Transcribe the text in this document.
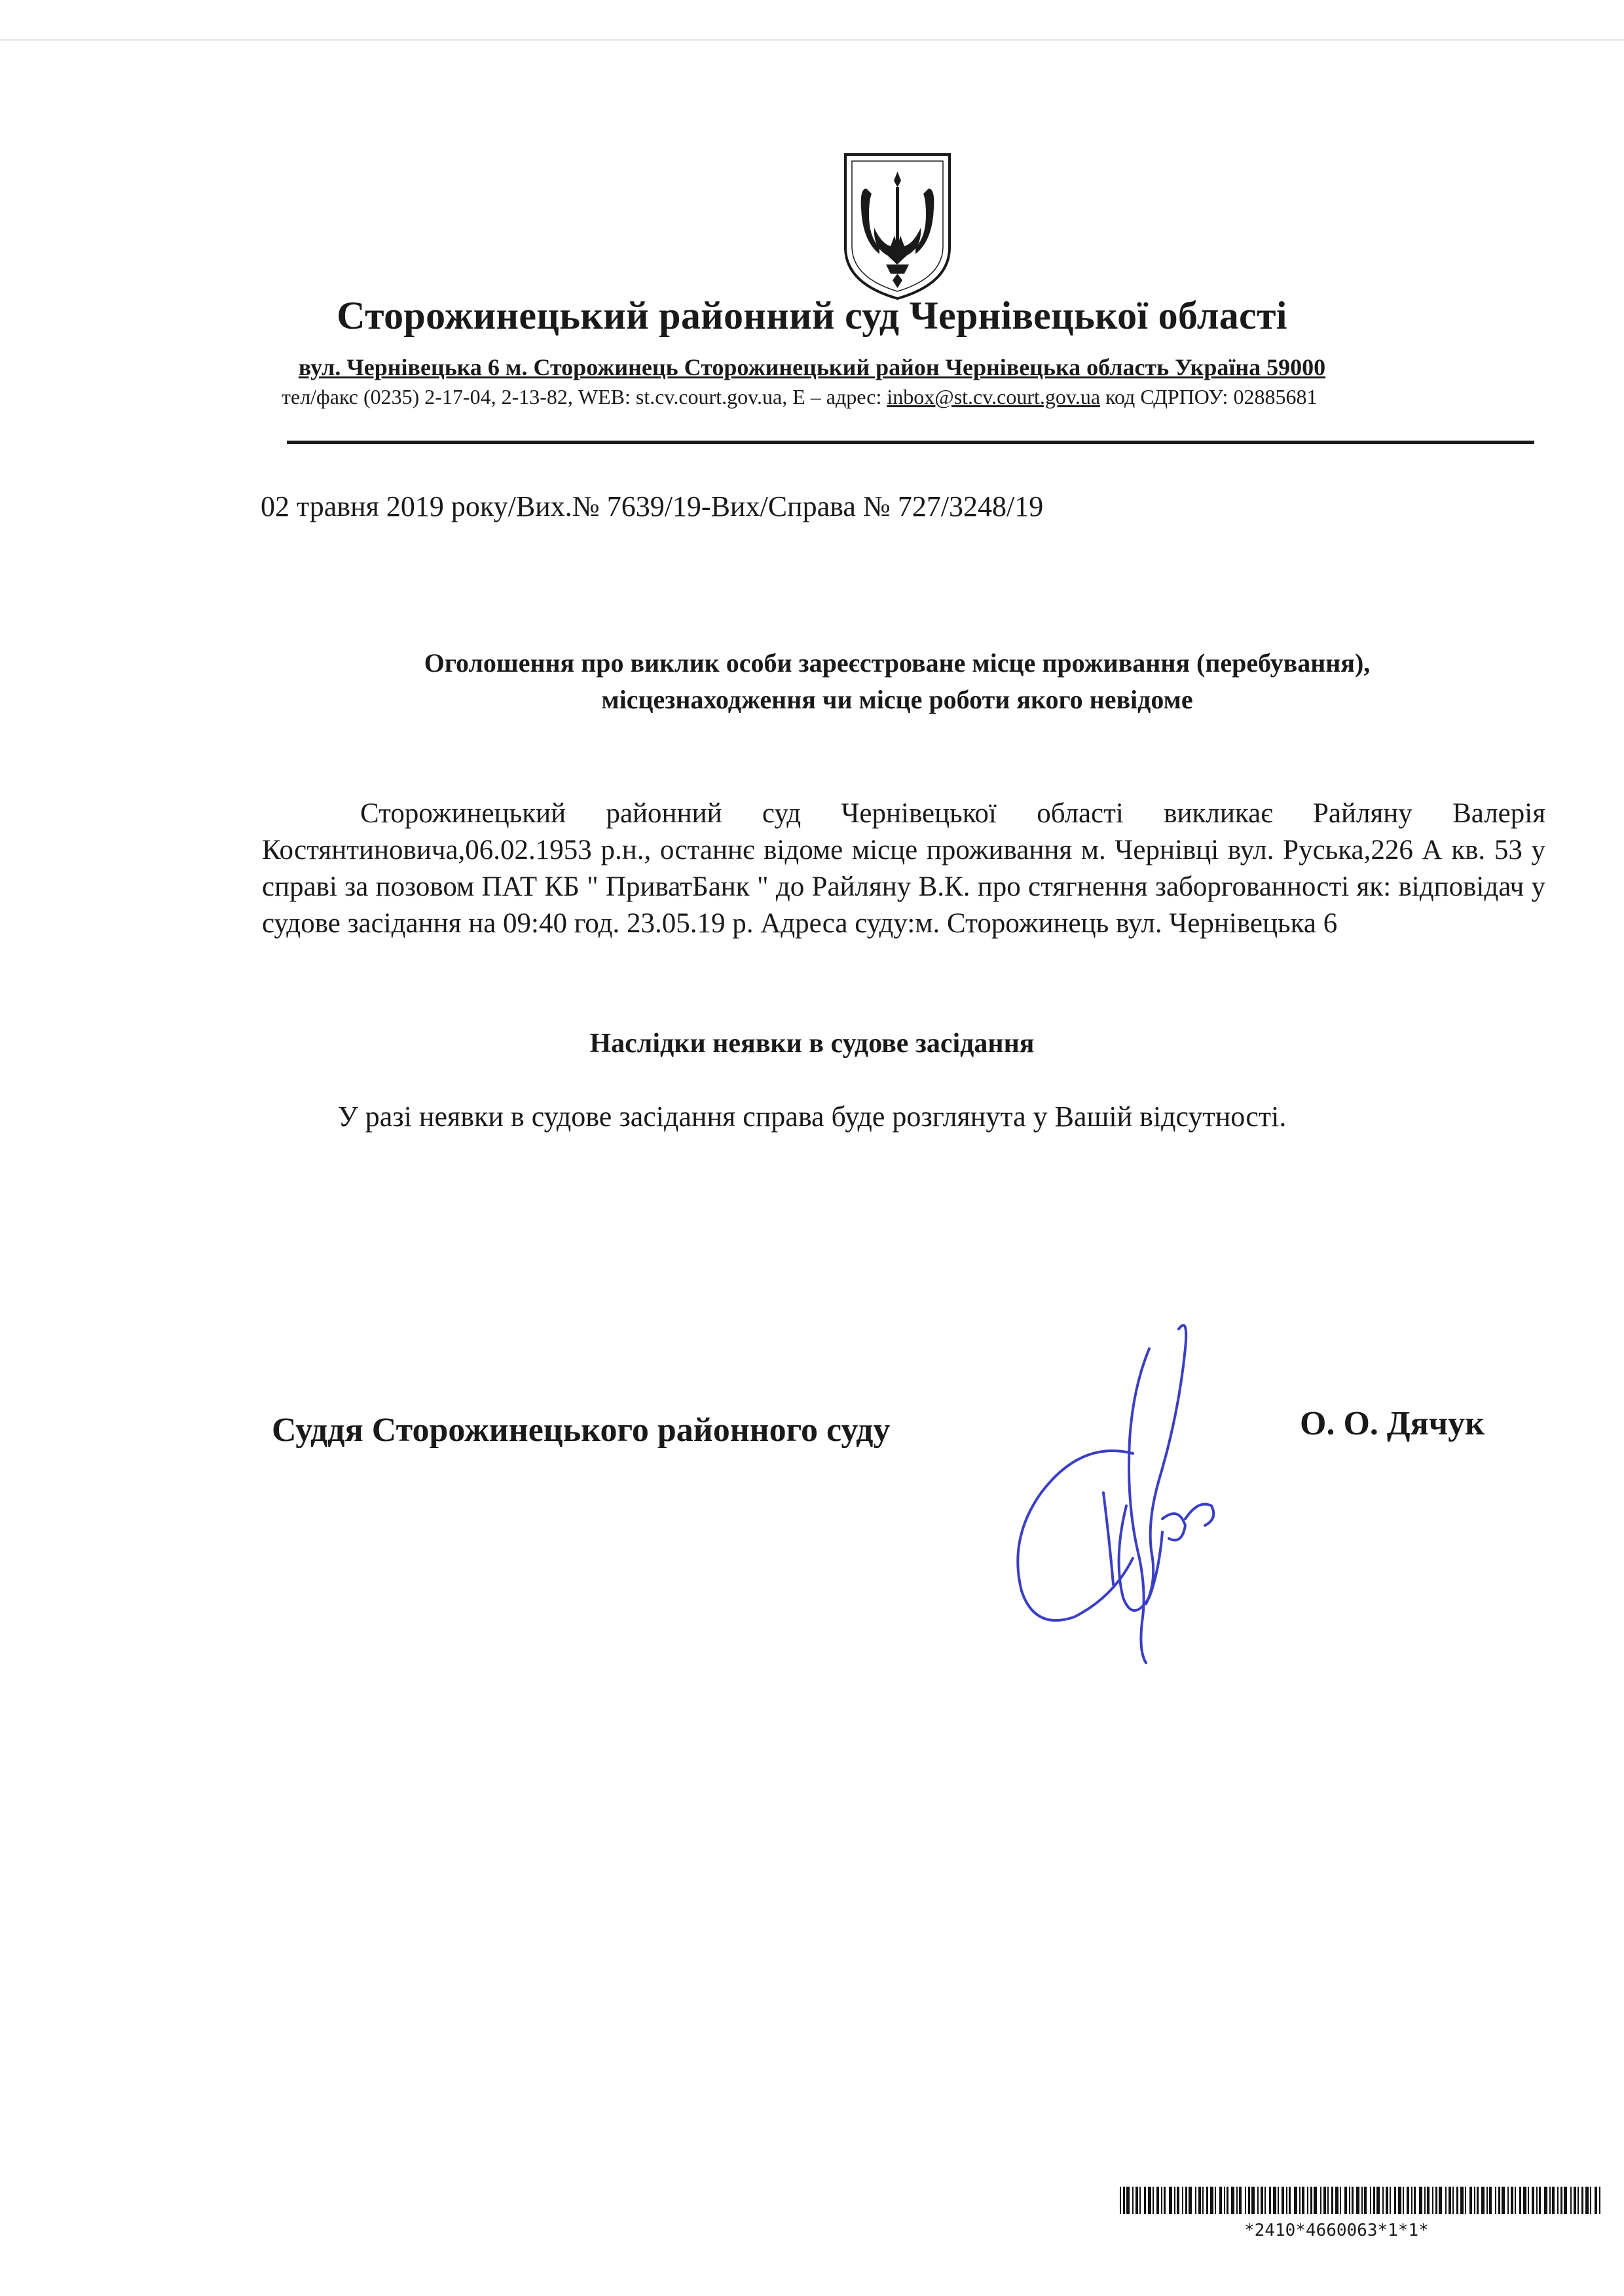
Сторожинецький районний суд Чернівецької області
вул. Чернівецька 6 м. Сторожинець Сторожинецький район Чернівецька область Україна 59000
тел/факс (0235) 2-17-04, 2-13-82, WEB: st.cv.court.gov.ua, E – адрес: inbox@st.cv.court.gov.ua код СДРПОУ: 02885681
02 травня 2019 року/Вих.№ 7639/19-Вих/Справа № 727/3248/19
Оголошення про виклик особи зареєстроване місце проживання (перебування),
місцезнаходження чи місце роботи якого невідоме
Сторожинецький районний суд Чернівецької області викликає Райляну Валерія Костянтиновича,06.02.1953 р.н., останнє відоме місце проживання м. Чернівці вул. Руська,226 А кв. 53 у справі за позовом ПАТ КБ " ПриватБанк " до Райляну В.К. про стягнення заборгованності як: відповідач у судове засідання на 09:40 год. 23.05.19 р. Адреса суду:м. Сторожинець вул. Чернівецька 6
Наслідки неявки в судове засідання
У разі неявки в судове засідання справа буде розглянута у Вашій відсутності.
Суддя Сторожинецького районного суду	О. О. Дячук
*2410*4660063*1*1*
